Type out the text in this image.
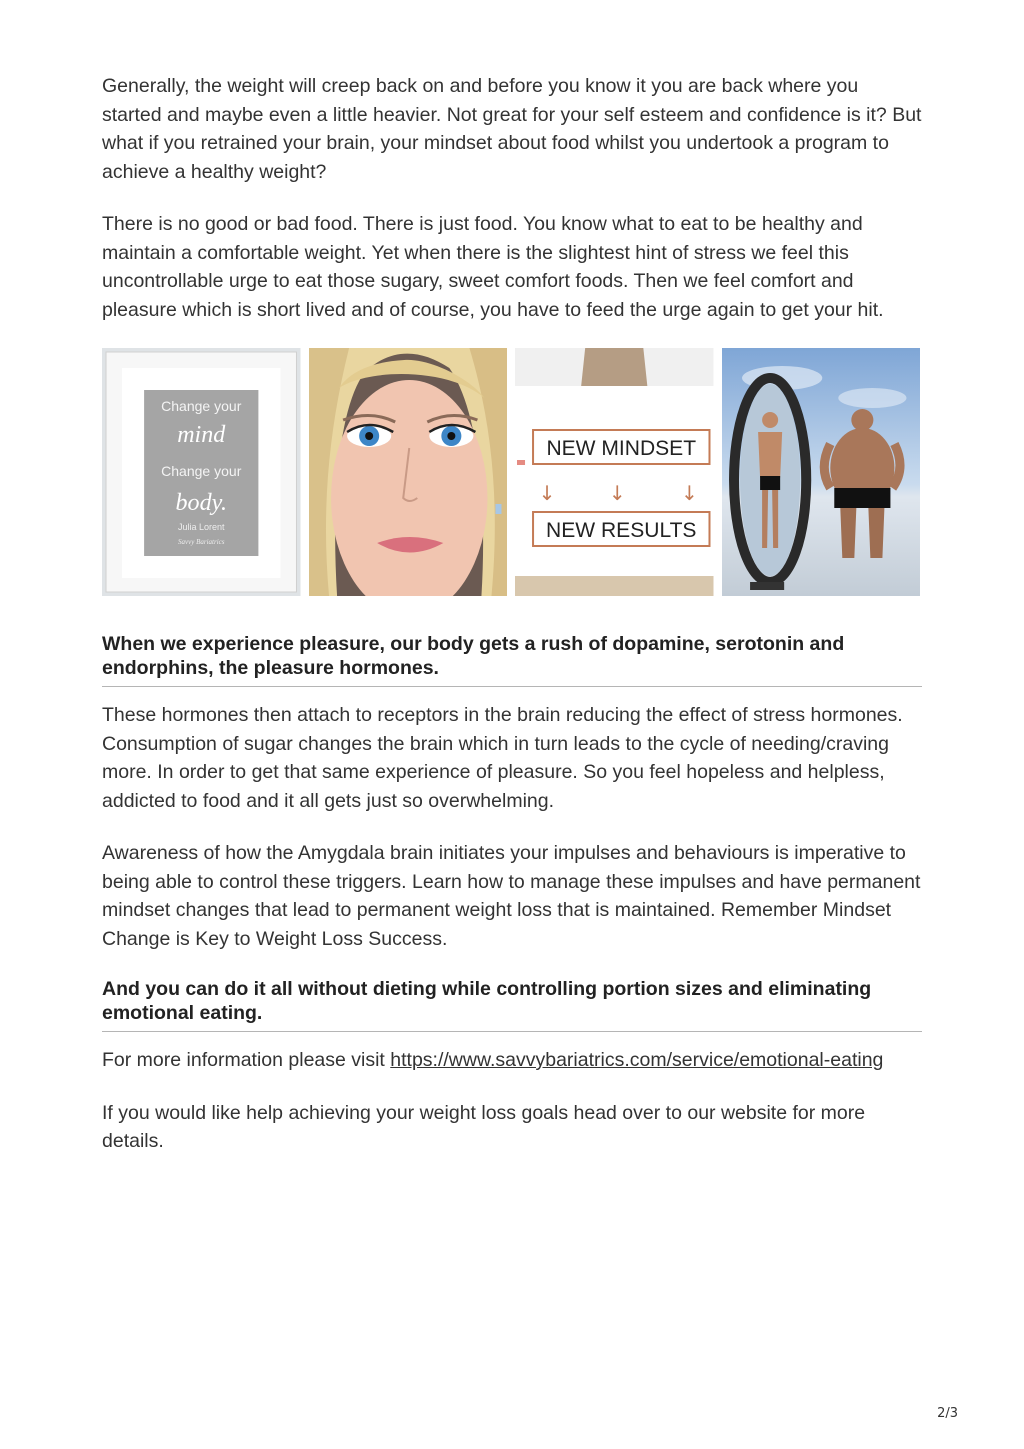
Generally, the weight will creep back on and before you know it you are back where you started and maybe even a little heavier. Not great for your self esteem and confidence is it? But what if you retrained your brain, your mindset about food whilst you undertook a program to achieve a healthy weight?

There is no good or bad food. There is just food. You know what to eat to be healthy and maintain a comfortable weight. Yet when there is the slightest hint of stress we feel this uncontrollable urge to eat those sugary, sweet comfort foods. Then we feel comfort and pleasure which is short lived and of course, you have to feed the urge again to get your hit.

Change your
mind
Change your
body.
Julia Lorent
Savvy Bariatrics
NEW MINDSET
↓	↓	↓
NEW RESULTS
When we experience pleasure, our body gets a rush of dopamine, serotonin and endorphins, the pleasure hormones.

These hormones then attach to receptors in the brain reducing the effect of stress hormones. Consumption of sugar changes the brain which in turn leads to the cycle of needing/craving more. In order to get that same experience of pleasure. So you feel hopeless and helpless, addicted to food and it all gets just so overwhelming.

Awareness of how the Amygdala brain initiates your impulses and behaviours is imperative to being able to control these triggers. Learn how to manage these impulses and have permanent mindset changes that lead to permanent weight loss that is maintained. Remember Mindset Change is Key to Weight Loss Success.

And you can do it all without dieting while controlling portion sizes and eliminating emotional eating.

For more information please visit https://www.savvybariatrics.com/service/emotional-eating

If you would like help achieving your weight loss goals head over to our website for more details.

2/3
